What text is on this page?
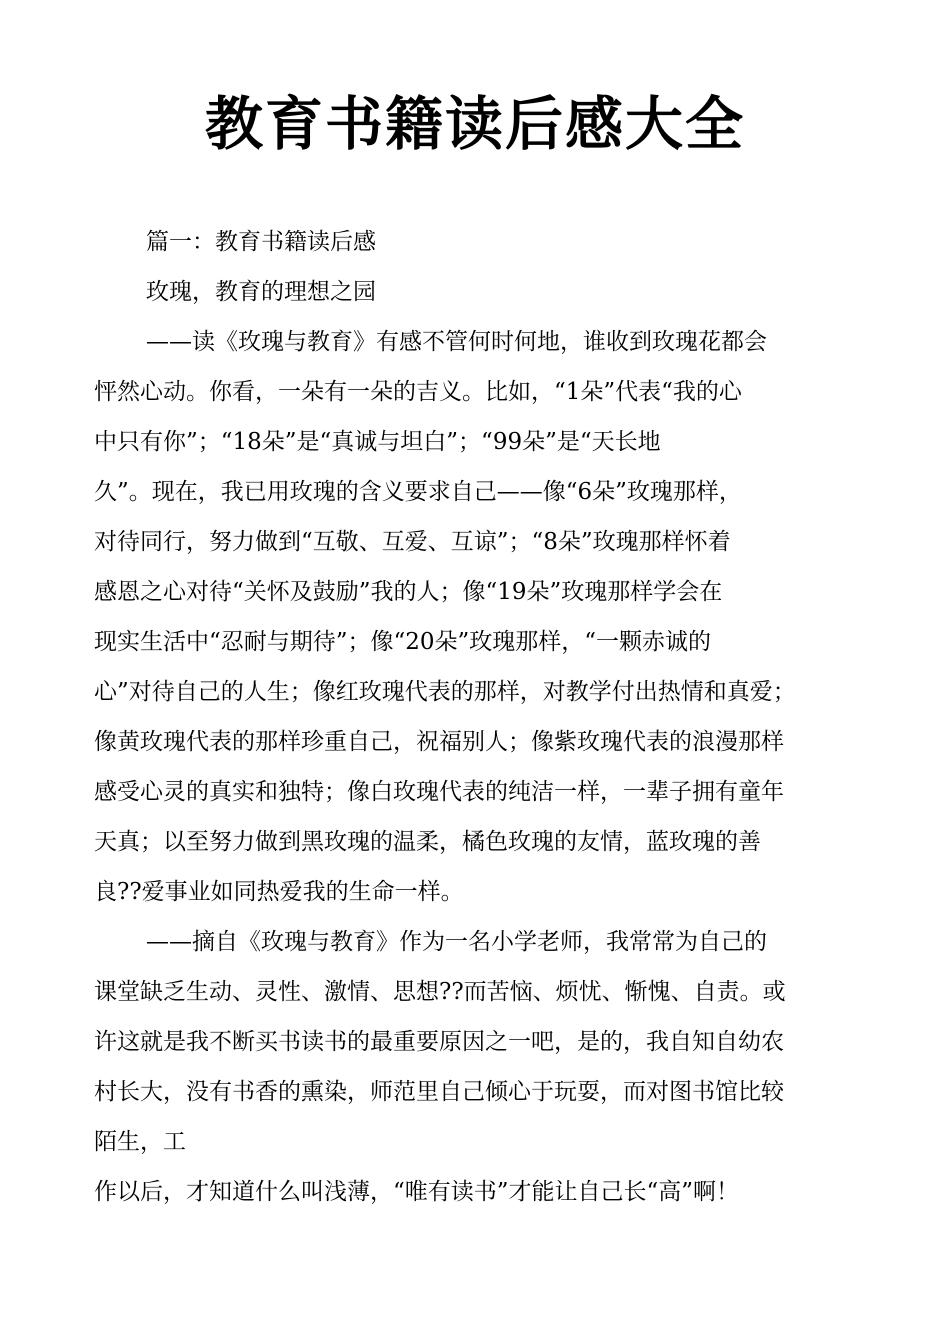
教育书籍读后感大全

篇一：教育书籍读后感

玫瑰，教育的理想之园

——读《玫瑰与教育》有感不管何时何地，谁收到玫瑰花都会

怦然心动。你看，一朵有一朵的吉义。比如，“1朵”代表“我的心

中只有你”；“18朵”是“真诚与坦白”；“99朵”是“天长地

久”。现在，我已用玫瑰的含义要求自己——像“6朵”玫瑰那样，

对待同行，努力做到“互敬、互爱、互谅”；“8朵”玫瑰那样怀着

感恩之心对待“关怀及鼓励”我的人；像“19朵”玫瑰那样学会在

现实生活中“忍耐与期待”；像“20朵”玫瑰那样，“一颗赤诚的

心”对待自己的人生；像红玫瑰代表的那样，对教学付出热情和真爱；

像黄玫瑰代表的那样珍重自己，祝福别人；像紫玫瑰代表的浪漫那样

感受心灵的真实和独特；像白玫瑰代表的纯洁一样，一辈子拥有童年

天真；以至努力做到黑玫瑰的温柔，橘色玫瑰的友情，蓝玫瑰的善

良??爱事业如同热爱我的生命一样。

——摘自《玫瑰与教育》作为一名小学老师，我常常为自己的

课堂缺乏生动、灵性、激情、思想??而苦恼、烦忧、惭愧、自责。或

许这就是我不断买书读书的最重要原因之一吧，是的，我自知自幼农

村长大，没有书香的熏染，师范里自己倾心于玩耍，而对图书馆比较

陌生，工

作以后，才知道什么叫浅薄，“唯有读书”才能让自己长“高”啊！
